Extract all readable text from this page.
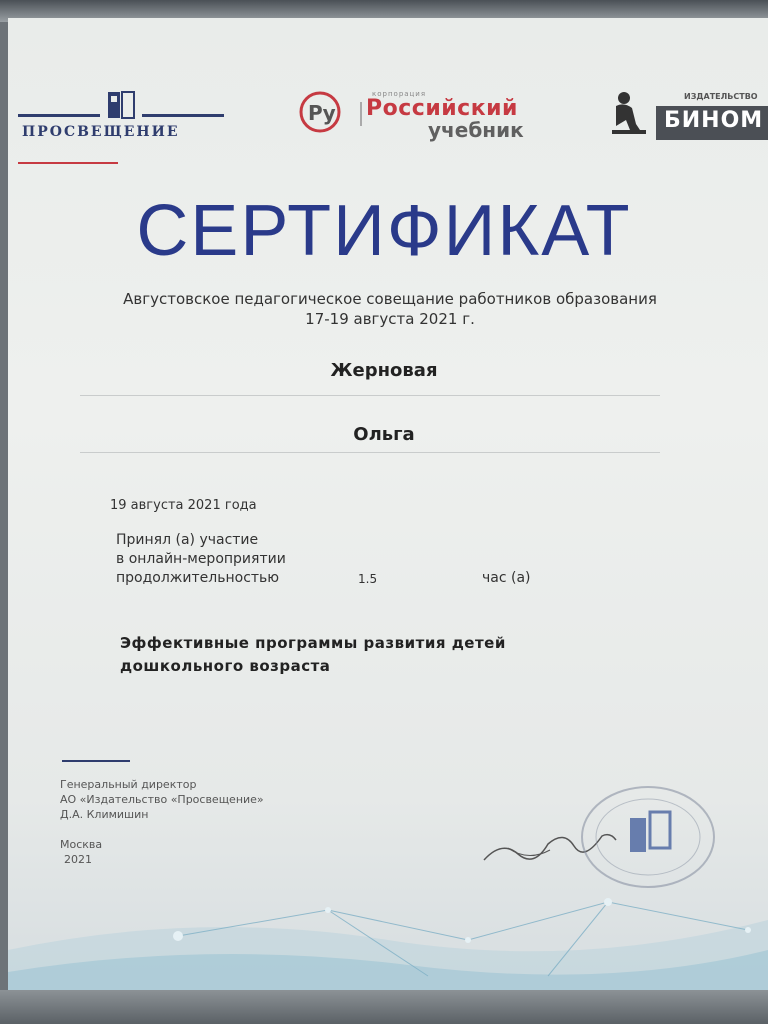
ПРОСВЕЩЕНИЕ
Ру
корпорация
Российский
учебник
ИЗДАТЕЛЬСТВО
БИНОМ
СЕРТИФИКАТ
Августовское педагогическое совещание работников образования
17-19 августа 2021 г.
Жерновая
Ольга
19 августа 2021 года
Принял (а) участие
в онлайн-мероприятии
продолжительностью	1.5	час (а)
Эффективные программы развития детей
дошкольного возраста
Генеральный директор
АО «Издательство «Просвещение»
Д.А. Климишин
Москва
2021
